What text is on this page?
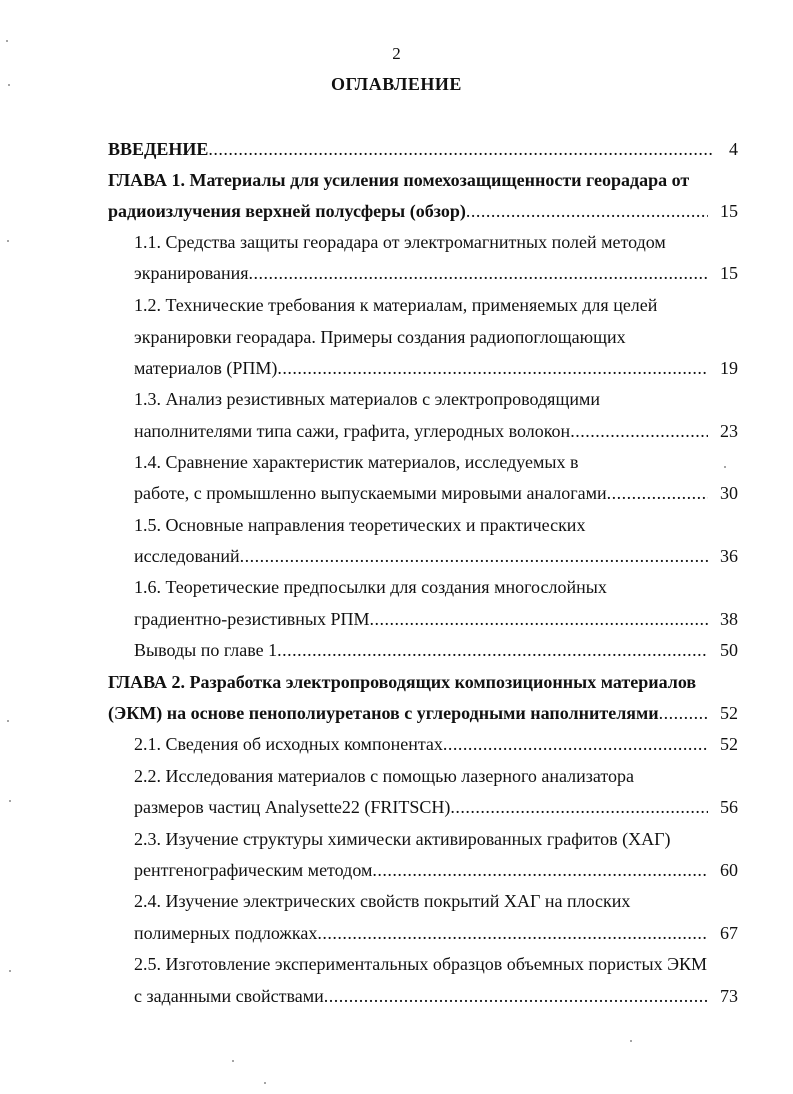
2
ОГЛАВЛЕНИЕ
ВВЕДЕНИЕ . . .	4
ГЛАВА 1. Материалы для усиления помехозащищенности георадара от
радиоизлучения верхней полусферы (обзор) . . .	15
1.1. Средства защиты георадара от электромагнитных полей методом
экранирования . . .	15
1.2. Технические требования к материалам, применяемых для целей
экранировки георадара. Примеры создания радиопоглощающих
материалов (РПМ) . . .	19
1.3. Анализ резистивных материалов с электропроводящими
наполнителями типа сажи, графита, углеродных волокон . . .	23
1.4. Сравнение характеристик материалов, исследуемых в
работе, с промышленно выпускаемыми мировыми аналогами . . .	30
1.5. Основные направления теоретических и практических
исследований . . .	36
1.6. Теоретические предпосылки для создания многослойных
градиентно-резистивных РПМ . . .	38
Выводы по главе 1 . . .	50
ГЛАВА 2. Разработка электропроводящих композиционных материалов
(ЭКМ) на основе пенополиуретанов с углеродными наполнителями . . .	52
2.1. Сведения об исходных компонентах . . .	52
2.2. Исследования материалов с помощью лазерного анализатора
размеров частиц Analysette22 (FRITSCH) . . .	56
2.3. Изучение структуры химически активированных графитов (ХАГ)
рентгенографическим методом . . .	60
2.4. Изучение электрических свойств покрытий ХАГ на плоских
полимерных подложках . . .	67
2.5. Изготовление экспериментальных образцов объемных пористых ЭКМ
с заданными свойствами . . .	73
